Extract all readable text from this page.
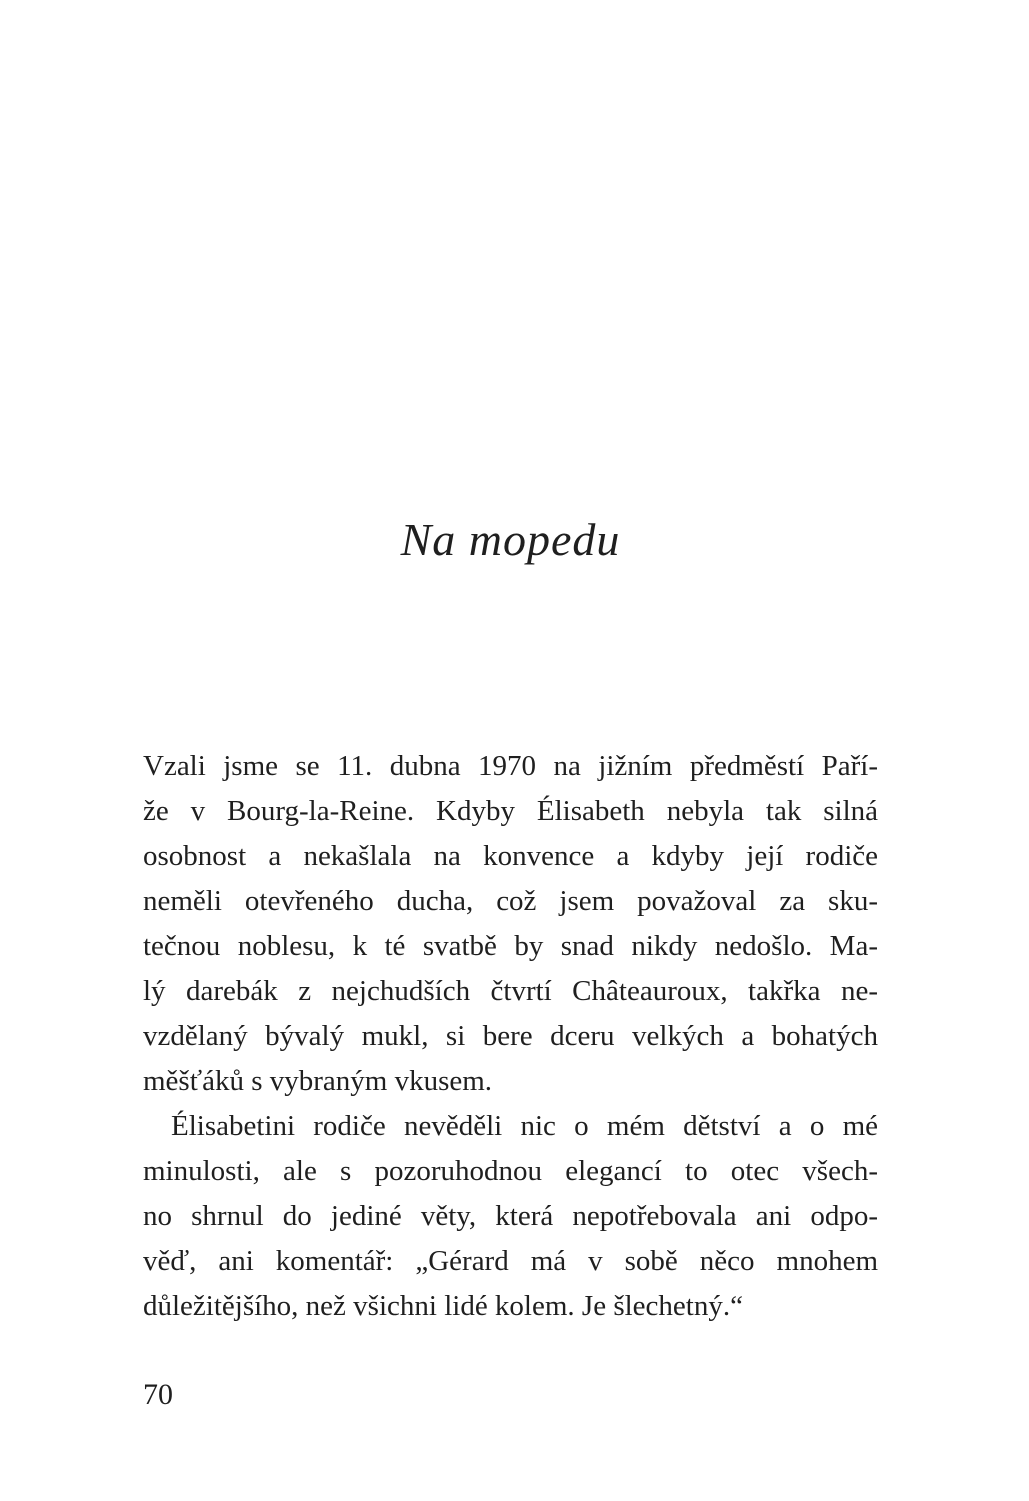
Na mopedu
Vzali jsme se 11. dubna 1970 na jižním předměstí Paří-
že v Bourg-la-Reine. Kdyby Élisabeth nebyla tak silná
osobnost a nekašlala na konvence a kdyby její rodiče
neměli otevřeného ducha, což jsem považoval za sku-
tečnou noblesu, k té svatbě by snad nikdy nedošlo. Ma-
lý darebák z nejchudších čtvrtí Châteauroux, takřka ne-
vzdělaný bývalý mukl, si bere dceru velkých a bohatých
měšťáků s vybraným vkusem.
Élisabetini rodiče nevěděli nic o mém dětství a o mé
minulosti, ale s pozoruhodnou elegancí to otec všech-
no shrnul do jediné věty, která nepotřebovala ani odpo-
věď, ani komentář: „Gérard má v sobě něco mnohem
důležitějšího, než všichni lidé kolem. Je šlechetný.“
70
